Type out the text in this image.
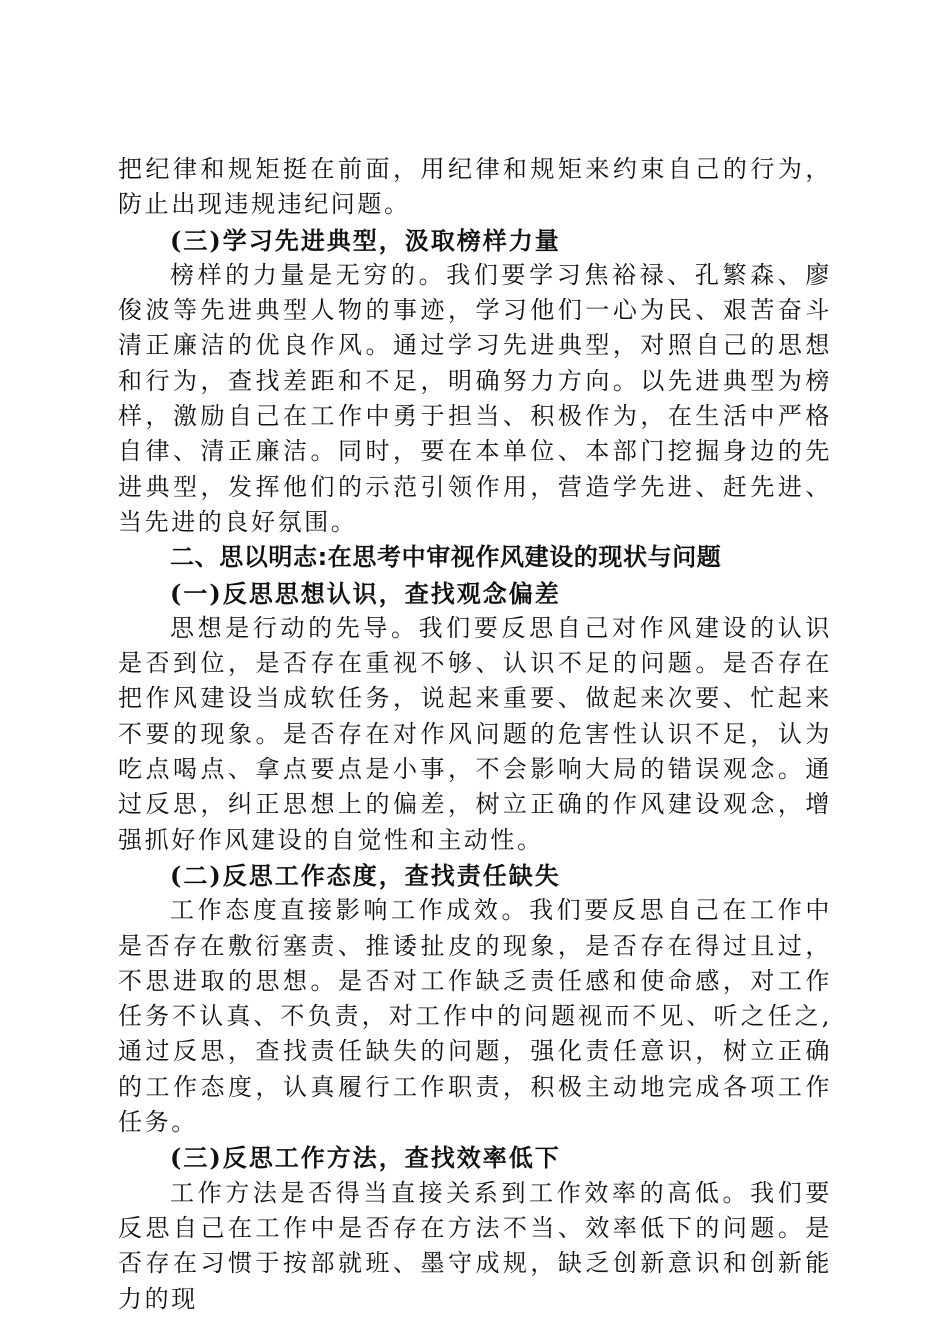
把纪律和规矩挺在前面，用纪律和规矩来约束自己的行为，防止出现违规违纪问题。

(三)学习先进典型，汲取榜样力量

榜样的力量是无穷的。我们要学习焦裕禄、孔繁森、廖俊波等先进典型人物的事迹，学习他们一心为民、艰苦奋斗清正廉洁的优良作风。通过学习先进典型，对照自己的思想和行为，查找差距和不足，明确努力方向。以先进典型为榜样，激励自己在工作中勇于担当、积极作为，在生活中严格自律、清正廉洁。同时，要在本单位、本部门挖掘身边的先进典型，发挥他们的示范引领作用，营造学先进、赶先进、当先进的良好氛围。

二、思以明志:在思考中审视作风建设的现状与问题

(一)反思思想认识，查找观念偏差

思想是行动的先导。我们要反思自己对作风建设的认识是否到位，是否存在重视不够、认识不足的问题。是否存在把作风建设当成软任务，说起来重要、做起来次要、忙起来不要的现象。是否存在对作风问题的危害性认识不足，认为吃点喝点、拿点要点是小事，不会影响大局的错误观念。通过反思，纠正思想上的偏差，树立正确的作风建设观念，增强抓好作风建设的自觉性和主动性。

(二)反思工作态度，查找责任缺失

工作态度直接影响工作成效。我们要反思自己在工作中是否存在敷衍塞责、推诿扯皮的现象，是否存在得过且过，不思进取的思想。是否对工作缺乏责任感和使命感，对工作任务不认真、不负责，对工作中的问题视而不见、听之任之,通过反思，查找责任缺失的问题，强化责任意识，树立正确的工作态度，认真履行工作职责，积极主动地完成各项工作任务。

(三)反思工作方法，查找效率低下

工作方法是否得当直接关系到工作效率的高低。我们要反思自己在工作中是否存在方法不当、效率低下的问题。是否存在习惯于按部就班、墨守成规，缺乏创新意识和创新能力的现
